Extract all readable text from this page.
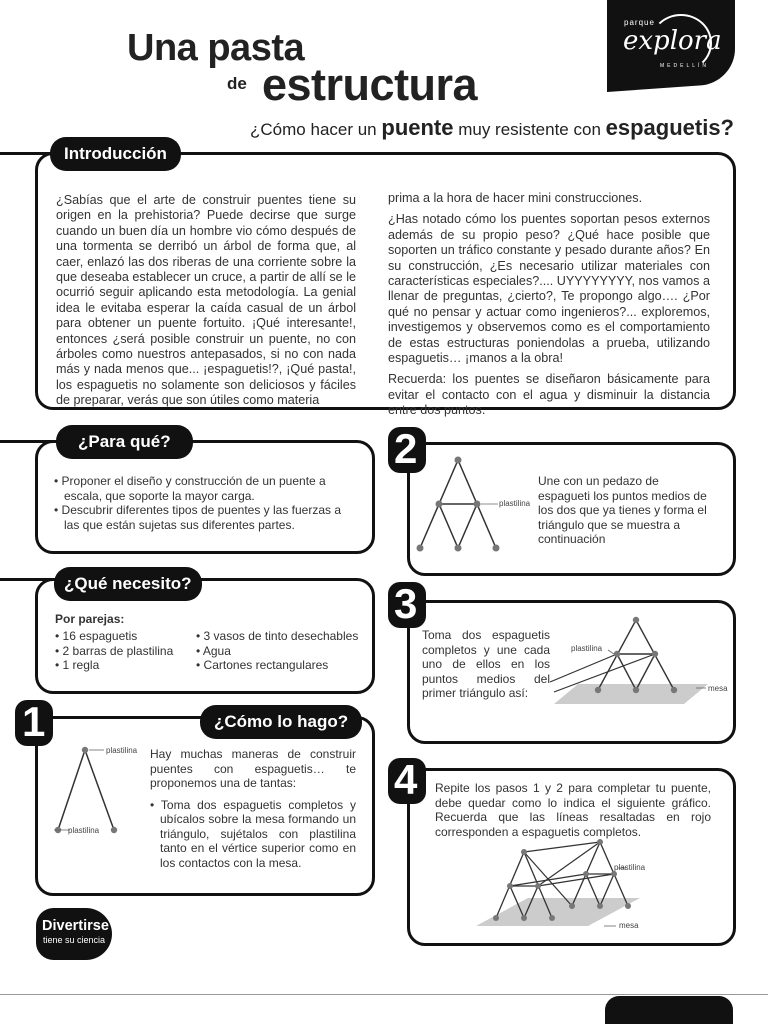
Una pasta
de estructura
¿Cómo hacer un puente muy resistente con espaguetis?
parque
explora
MEDELLÍN
Introducción
¿Sabías que el arte de construir puentes tiene su origen en la prehistoria? Puede decirse que surge cuando un buen día un hombre vio cómo después de una tormenta se derribó un árbol de forma que, al caer, enlazó las dos riberas de una corriente sobre la que deseaba establecer un cruce, a partir de allí se le ocurrió seguir aplicando esta metodología. La genial idea le evitaba esperar la caída casual de un árbol para obtener un puente fortuito. ¡Qué interesante!, entonces ¿será posible construir un puente, no con árboles como nuestros antepasados, si no con nada más y nada menos que... ¡espaguetis!?, ¡Qué pasta!, los espaguetis no solamente son deliciosos y fáciles de preparar, verás que son útiles como materia

prima a la hora de hacer mini construcciones.

¿Has notado cómo los puentes soportan pesos externos además de su propio peso? ¿Qué hace posible que soporten un tráfico constante y pesado durante años? En su construcción, ¿Es necesario utilizar materiales con características especiales?.... UYYYYYYYY, nos vamos a llenar de preguntas, ¿cierto?, Te propongo algo…. ¿Por qué no pensar y actuar como ingenieros?... exploremos, investigemos y observemos como es el comportamiento de estas estructuras poniendolas a prueba, utilizando espaguetis… ¡manos a la obra!

Recuerda: los puentes se diseñaron básicamente para evitar el contacto con el agua y disminuir la distancia entre dos puntos.

¿Para qué?
• Proponer el diseño y construcción de un puente a escala, que soporte la mayor carga.
• Descubrir diferentes tipos de puentes y las fuerzas a las que están sujetas sus diferentes partes.
¿Qué necesito?
Por parejas:
• 16 espaguetis
• 2 barras de plastilina
• 1 regla
• 3 vasos de tinto desechables
• Agua
• Cartones rectangulares
1	¿Cómo lo hago?
plastilina
plastilina
Hay muchas maneras de construir puentes con espaguetis… te proponemos una de tantas:
• Toma dos espaguetis completos y ubícalos sobre la mesa formando un triángulo, sujétalos con plastilina tanto en el vértice superior como en los contactos con la mesa.
2
plastilina
Une con un pedazo de espagueti los puntos medios de los dos que ya tienes y forma el triángulo que se muestra a continuación
3
Toma dos espaguetis completos y une cada uno de ellos en los puntos medios del primer triángulo así:
plastilina
mesa
4 Repite los pasos 1 y 2 para completar tu puente, debe quedar como lo indica el siguiente gráfico. Recuerda que las líneas resaltadas en rojo corresponden a espaguetis completos.
plastilina
mesa
Divertirse
tiene su ciencia
